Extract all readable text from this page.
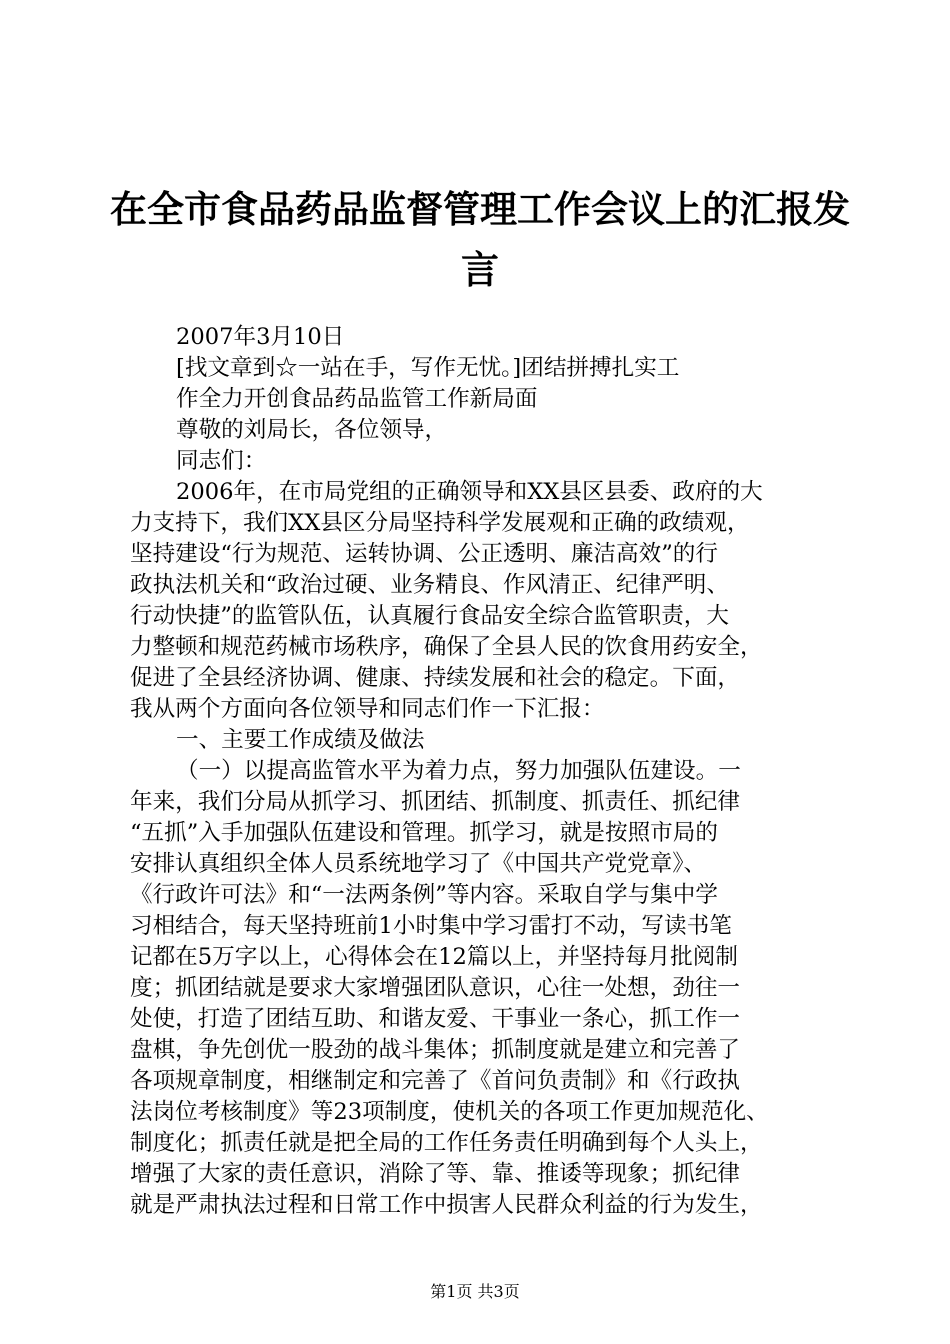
在全市食品药品监督管理工作会议上的汇报发
言
2007年3月10日
[找文章到☆一站在手，写作无忧。]团结拼搏扎实工
作全力开创食品药品监管工作新局面
尊敬的刘局长，各位领导，
同志们：
2006年，在市局党组的正确领导和XX县区县委、政府的大
力支持下，我们XX县区分局坚持科学发展观和正确的政绩观，
坚持建设“行为规范、运转协调、公正透明、廉洁高效”的行
政执法机关和“政治过硬、业务精良、作风清正、纪律严明、
行动快捷”的监管队伍，认真履行食品安全综合监管职责，大
力整顿和规范药械市场秩序，确保了全县人民的饮食用药安全，
促进了全县经济协调、健康、持续发展和社会的稳定。下面，
我从两个方面向各位领导和同志们作一下汇报：
一、主要工作成绩及做法
（一）以提高监管水平为着力点，努力加强队伍建设。一
年来，我们分局从抓学习、抓团结、抓制度、抓责任、抓纪律
“五抓”入手加强队伍建设和管理。抓学习，就是按照市局的
安排认真组织全体人员系统地学习了《中国共产党党章》、
《行政许可法》和“一法两条例”等内容。采取自学与集中学
习相结合，每天坚持班前1小时集中学习雷打不动，写读书笔
记都在5万字以上，心得体会在12篇以上，并坚持每月批阅制
度；抓团结就是要求大家增强团队意识，心往一处想，劲往一
处使，打造了团结互助、和谐友爱、干事业一条心，抓工作一
盘棋，争先创优一股劲的战斗集体；抓制度就是建立和完善了
各项规章制度，相继制定和完善了《首问负责制》和《行政执
法岗位考核制度》等23项制度，使机关的各项工作更加规范化、
制度化；抓责任就是把全局的工作任务责任明确到每个人头上，
增强了大家的责任意识，消除了等、靠、推诿等现象；抓纪律
就是严肃执法过程和日常工作中损害人民群众利益的行为发生，
第1页 共3页
